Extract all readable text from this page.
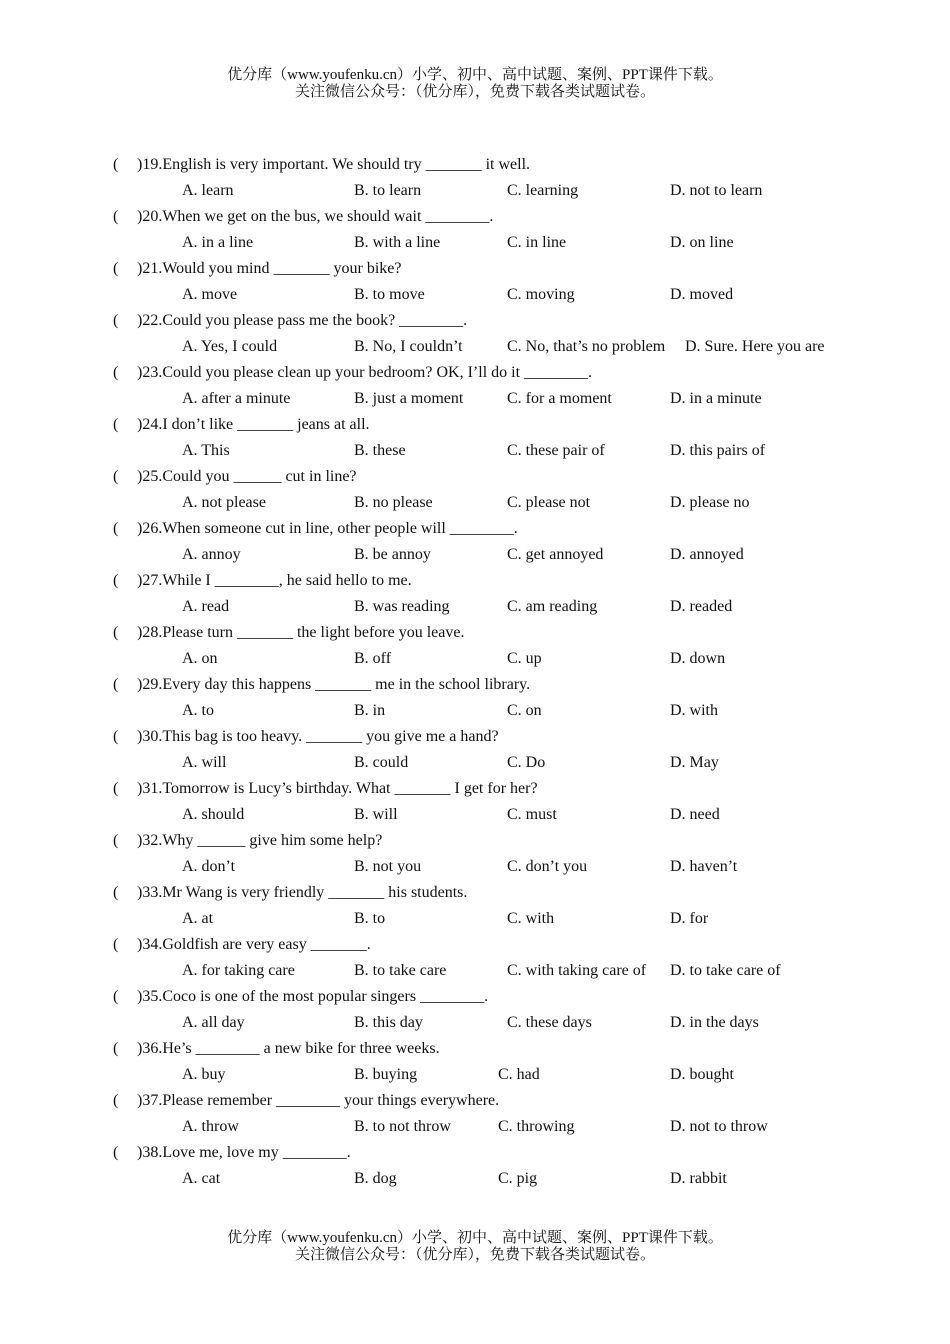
优分库（www.youfenku.cn）小学、初中、高中试题、案例、PPT课件下载。
关注微信公众号：（优分库），免费下载各类试题试卷。
( )19.English is very important. We should try _______ it well.
A. learn	B. to learn	C. learning	D. not to learn
( )20.When we get on the bus, we should wait ________.
A. in a line	B. with a line	C. in line	D. on line
( )21.Would you mind _______ your bike?
A. move	B. to move	C. moving	D. moved
( )22.Could you please pass me the book? ________.
A. Yes, I could	B. No, I couldn’t	C. No, that’s no problem D. Sure. Here you are
( )23.Could you please clean up your bedroom? OK, I’ll do it ________.
A. after a minute	B. just a moment	C. for a moment	D. in a minute
( )24.I don’t like _______ jeans at all.
A. This	B. these	C. these pair of	D. this pairs of
( )25.Could you ______ cut in line?
A. not please	B. no please	C. please not	D. please no
( )26.When someone cut in line, other people will ________.
A. annoy	B. be annoy	C. get annoyed	D. annoyed
( )27.While I ________, he said hello to me.
A. read	B. was reading	C. am reading	D. readed
( )28.Please turn _______ the light before you leave.
A. on	B. off	C. up	D. down
( )29.Every day this happens _______ me in the school library.
A. to	B. in	C. on	D. with
( )30.This bag is too heavy. _______ you give me a hand?
A. will	B. could	C. Do	D. May
( )31.Tomorrow is Lucy’s birthday. What _______ I get for her?
A. should	B. will	C. must	D. need
( )32.Why ______ give him some help?
A. don’t	B. not you	C. don’t you	D. haven’t
( )33.Mr Wang is very friendly _______ his students.
A. at	B. to	C. with	D. for
( )34.Goldfish are very easy _______.
A. for taking care	B. to take care	C. with taking care of D. to take care of
( )35.Coco is one of the most popular singers ________.
A. all day	B. this day	C. these days	D. in the days
( )36.He’s ________ a new bike for three weeks.
A. buy	B. buying	C. had	D. bought
( )37.Please remember ________ your things everywhere.
A. throw	B. to not throw	C. throwing	D. not to throw
( )38.Love me, love my ________.
A. cat	B. dog	C. pig	D. rabbit
优分库（www.youfenku.cn）小学、初中、高中试题、案例、PPT课件下载。
关注微信公众号：（优分库），免费下载各类试题试卷。
